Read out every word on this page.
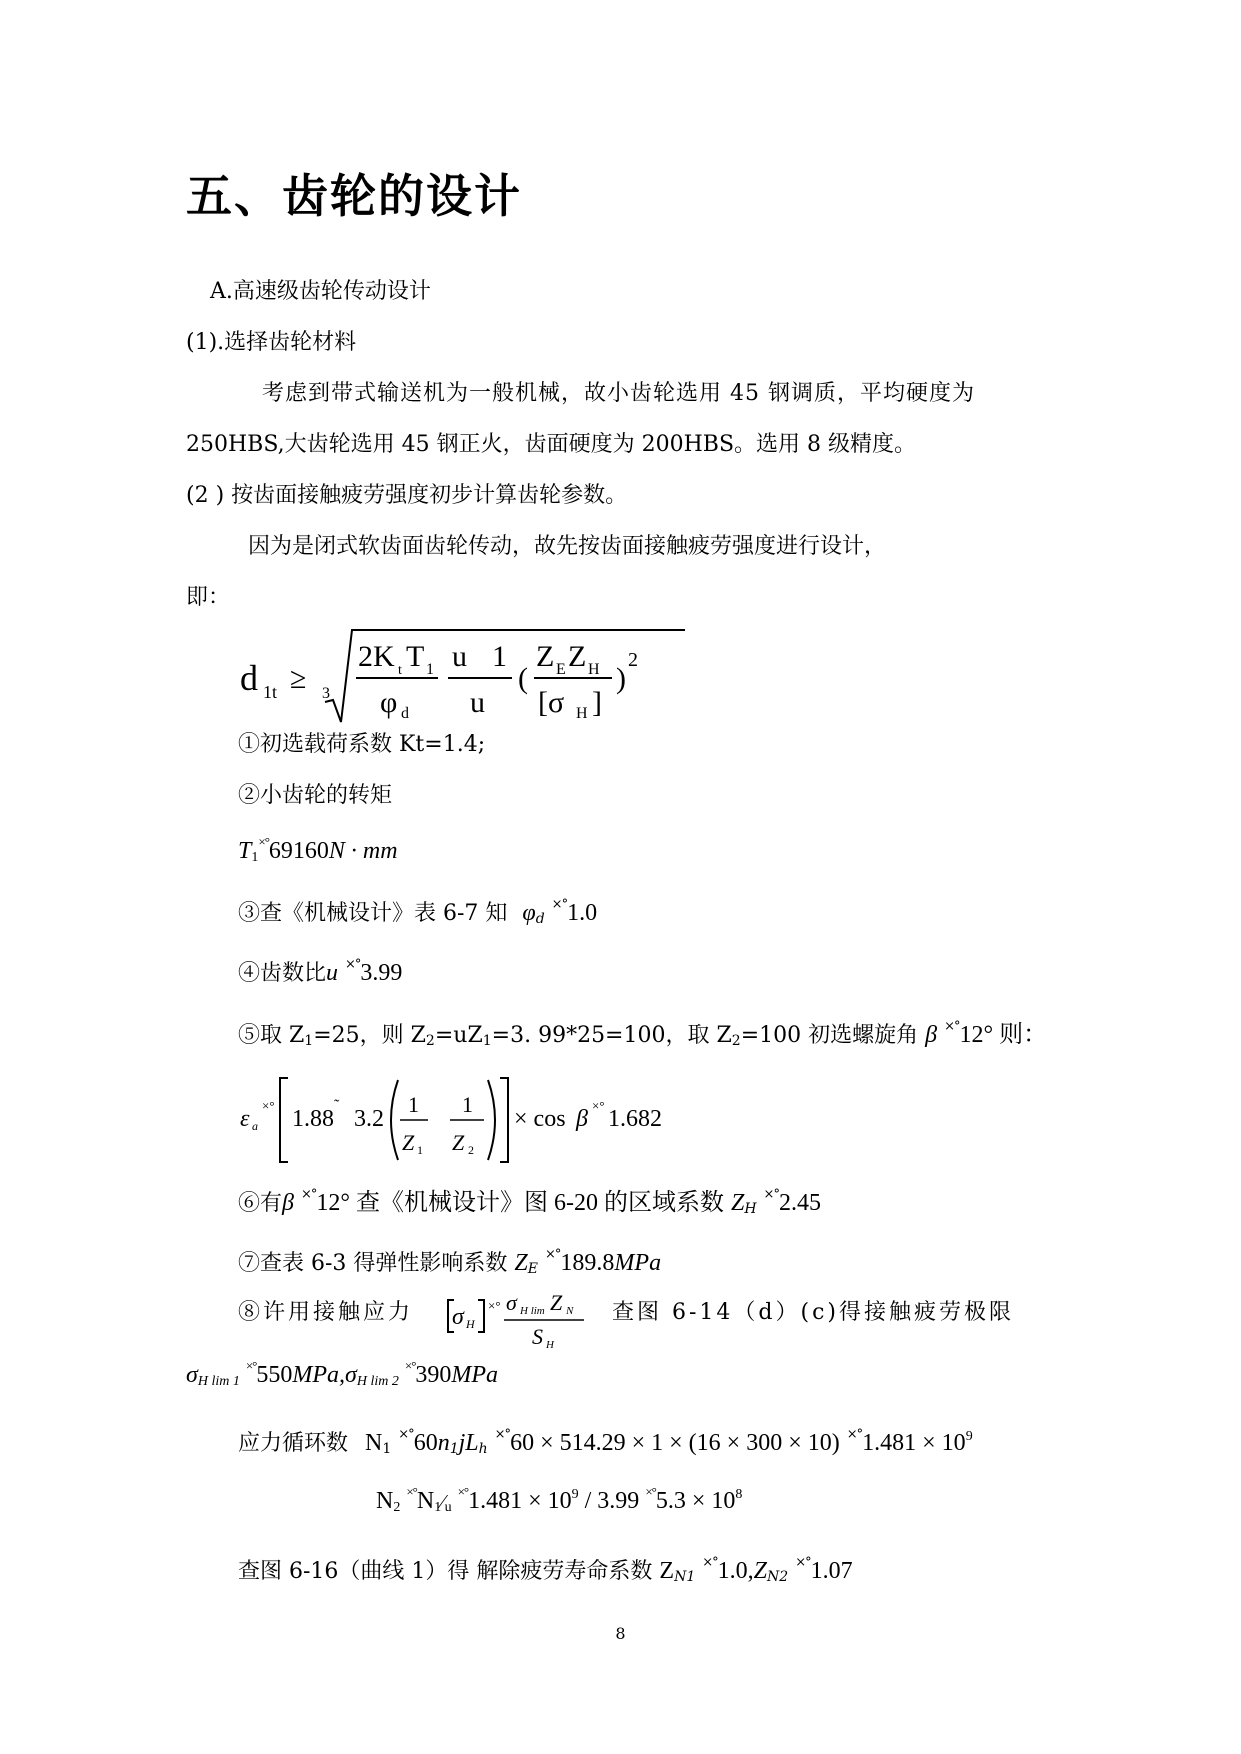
五、齿轮的设计
A.高速级齿轮传动设计
(1).选择齿轮材料
考虑到带式输送机为一般机械，故小齿轮选用 45 钢调质，平均硬度为
250HBS,大齿轮选用 45 钢正火，齿面硬度为 200HBS。选用 8 级精度。
(2 ) 按齿面接触疲劳强度初步计算齿轮参数。
因为是闭式软齿面齿轮传动，故先按齿面接触疲劳强度进行设计，
即：
d 1t ≥ 3
2K t T 1
φ d
u 1
u
(
Z E Z H
[σ H ]
)
2
①初选载荷系数 Kt=1.4;
②小齿轮的转矩
T1×°69160N · mm
③查《机械设计》表 6-7 知 φd ×°1.0
④齿数比u ×°3.99
⑤取 Z1=25，则 Z2=uZ1=3. 99*25=100，取 Z2=100 初选螺旋角 β ×°12° 则：
ε a
×°
1.88
˜
3.2
1
Z 1
1
Z 2
× cos β
×°
1.682
⑥有β ×°12° 查《机械设计》图 6-20 的区域系数 ZH ×°2.45
⑦查表 6-3 得弹性影响系数 ZE ×°189.8MPa
⑧许用接触应力 σ H
×° σ H lim Z N
S H
查图 6-14（d）(c)得接触疲劳极限
σH lim 1 ×°550MPa,σH lim 2 ×°390MPa
应力循环数 N1 ×°60n1jLh ×°60 × 514.29 × 1 × (16 × 300 × 10) $^{\times^\circ}1.481 \times 10^9$
N2 ×°N1⁄u $^{\times^\circ}1.481 \times 10^9 / 3.99$ $^{\times^\circ}5.3 \times 10^8$
查图 6-16（曲线 1）得 解除疲劳寿命系数 ZN1 ×°1.0,ZN2 ×°1.07
8
